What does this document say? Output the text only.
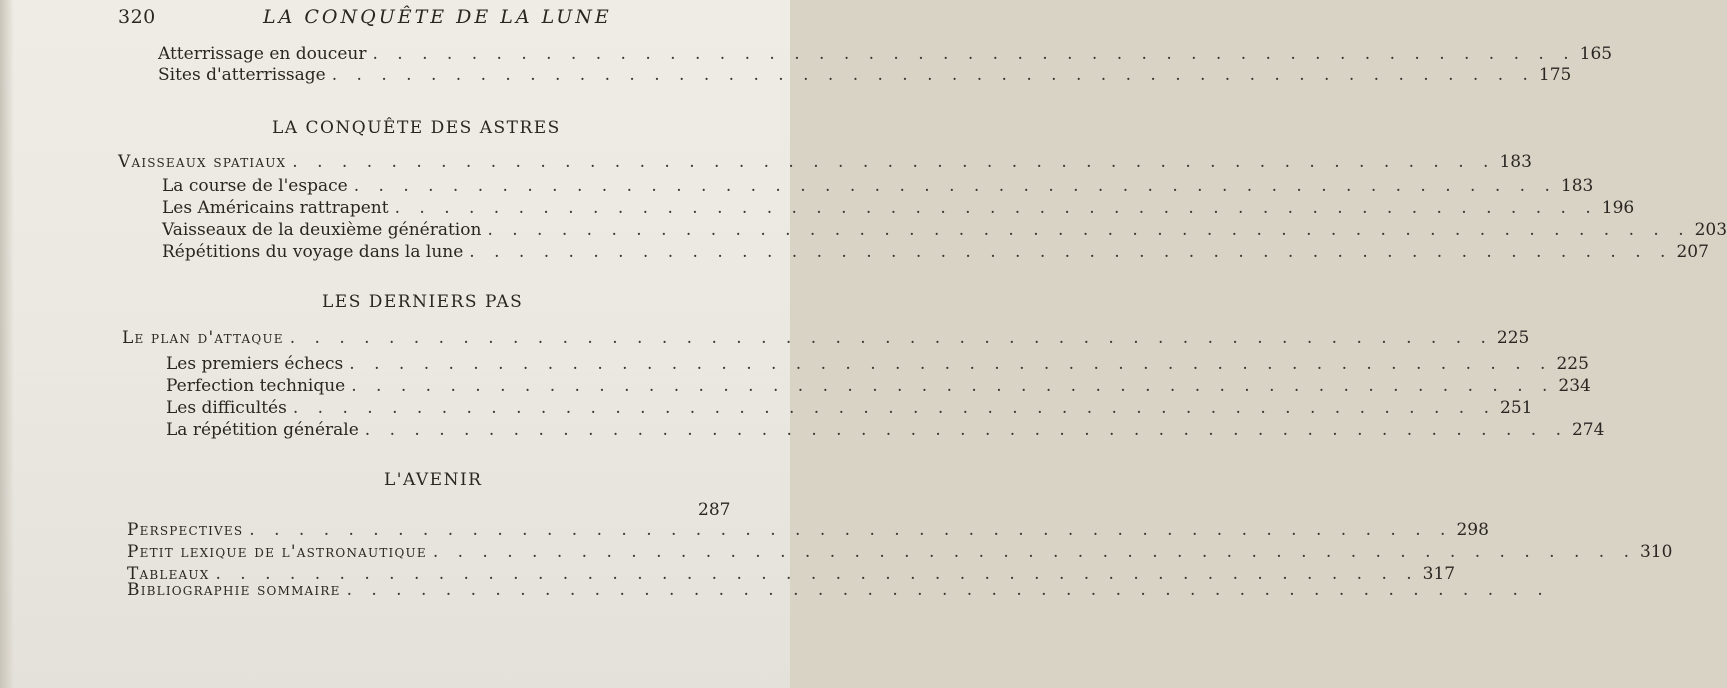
320	LA CONQUÊTE DE LA LUNE
Atterrissage en douceur . . . . . . . . . . . . . . . . . . . . . . . . . . . . . . . . . . . . . . . . . . . . . . . . . 165
Sites d'atterrissage . . . . . . . . . . . . . . . . . . . . . . . . . . . . . . . . . . . . . . . . . . . . . . . . . 175
LA CONQUÊTE DES ASTRES
Vaisseaux spatiaux . . . . . . . . . . . . . . . . . . . . . . . . . . . . . . . . . . . . . . . . . . . . . . . . . 183
La course de l'espace . . . . . . . . . . . . . . . . . . . . . . . . . . . . . . . . . . . . . . . . . . . . . . . . . 183
Les Américains rattrapent . . . . . . . . . . . . . . . . . . . . . . . . . . . . . . . . . . . . . . . . . . . . . . . . . 196
Vaisseaux de la deuxième génération . . . . . . . . . . . . . . . . . . . . . . . . . . . . . . . . . . . . . . . . . . . . . . . . . 203
Répétitions du voyage dans la lune . . . . . . . . . . . . . . . . . . . . . . . . . . . . . . . . . . . . . . . . . . . . . . . . . 207
LES DERNIERS PAS
Le plan d'attaque . . . . . . . . . . . . . . . . . . . . . . . . . . . . . . . . . . . . . . . . . . . . . . . . . 225
Les premiers échecs . . . . . . . . . . . . . . . . . . . . . . . . . . . . . . . . . . . . . . . . . . . . . . . . . 225
Perfection technique . . . . . . . . . . . . . . . . . . . . . . . . . . . . . . . . . . . . . . . . . . . . . . . . . 234
Les difficultés . . . . . . . . . . . . . . . . . . . . . . . . . . . . . . . . . . . . . . . . . . . . . . . . . 251
La répétition générale . . . . . . . . . . . . . . . . . . . . . . . . . . . . . . . . . . . . . . . . . . . . . . . . . 274
L'AVENIR
287
Perspectives . . . . . . . . . . . . . . . . . . . . . . . . . . . . . . . . . . . . . . . . . . . . . . . . . 298
Petit lexique de l'astronautique . . . . . . . . . . . . . . . . . . . . . . . . . . . . . . . . . . . . . . . . . . . . . . . . . 310
Tableaux . . . . . . . . . . . . . . . . . . . . . . . . . . . . . . . . . . . . . . . . . . . . . . . . . 317
Bibliographie sommaire . . . . . . . . . . . . . . . . . . . . . . . . . . . . . . . . . . . . . . . . . . . . . . . . .
